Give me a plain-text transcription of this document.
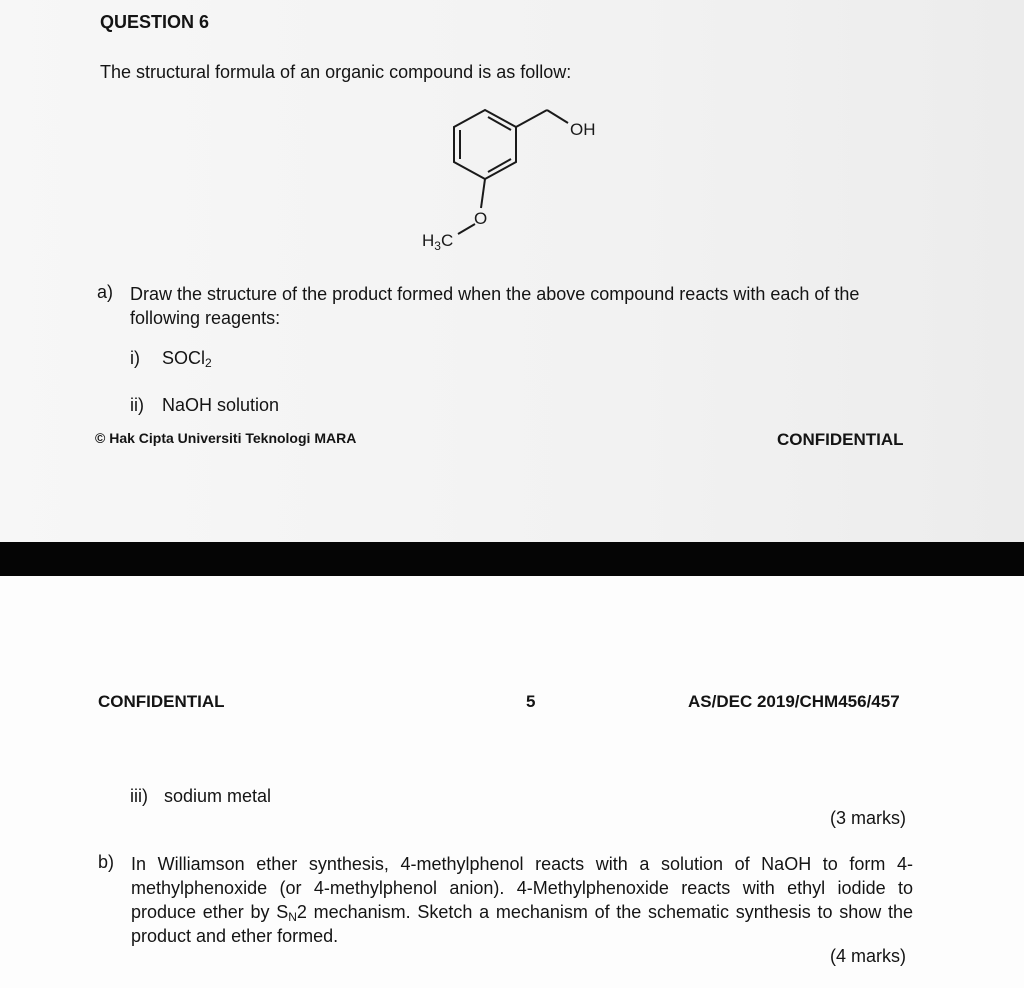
QUESTION 6
The structural formula of an organic compound is as follow:
OH
O
$H_3C$
a) Draw the structure of the product formed when the above compound reacts with each of the following reagents:
i) SOCl$_2$
ii) NaOH solution
© Hak Cipta Universiti Teknologi MARA	CONFIDENTIAL
CONFIDENTIAL	5	AS/DEC 2019/CHM456/457
iii) sodium metal
(3 marks)
b) In Williamson ether synthesis, 4-methylphenol reacts with a solution of NaOH to form 4-methylphenoxide (or 4-methylphenol anion). 4-Methylphenoxide reacts with ethyl iodide to produce ether by $S_N2$ mechanism. Sketch a mechanism of the schematic synthesis to show the product and ether formed.
(4 marks)
